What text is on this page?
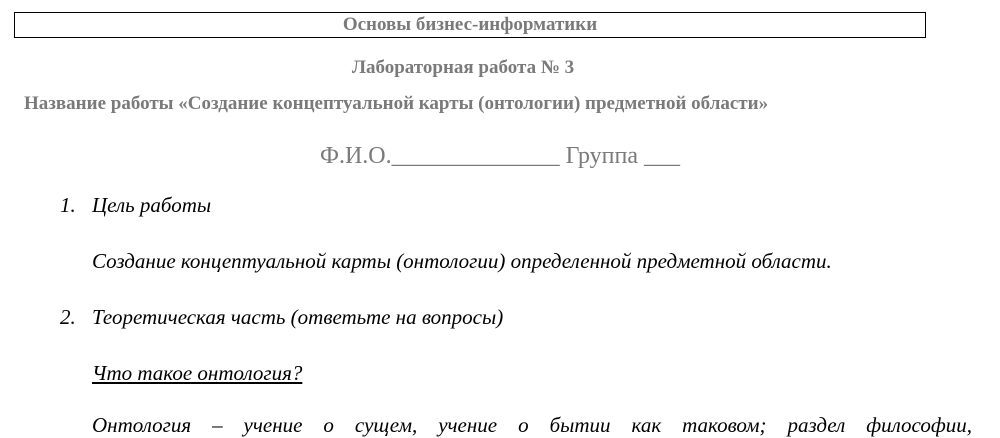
Основы бизнес-информатики
Лабораторная работа № 3
Название работы «Создание концептуальной карты (онтологии) предметной области»
Ф.И.О.______________ Группа ___
1. Цель работы
Создание концептуальной карты (онтологии) определенной предметной области.
2. Теоретическая часть (ответьте на вопросы)
Что такое онтология?
Онтология – учение о сущем, учение о бытии как таковом; раздел философии,
